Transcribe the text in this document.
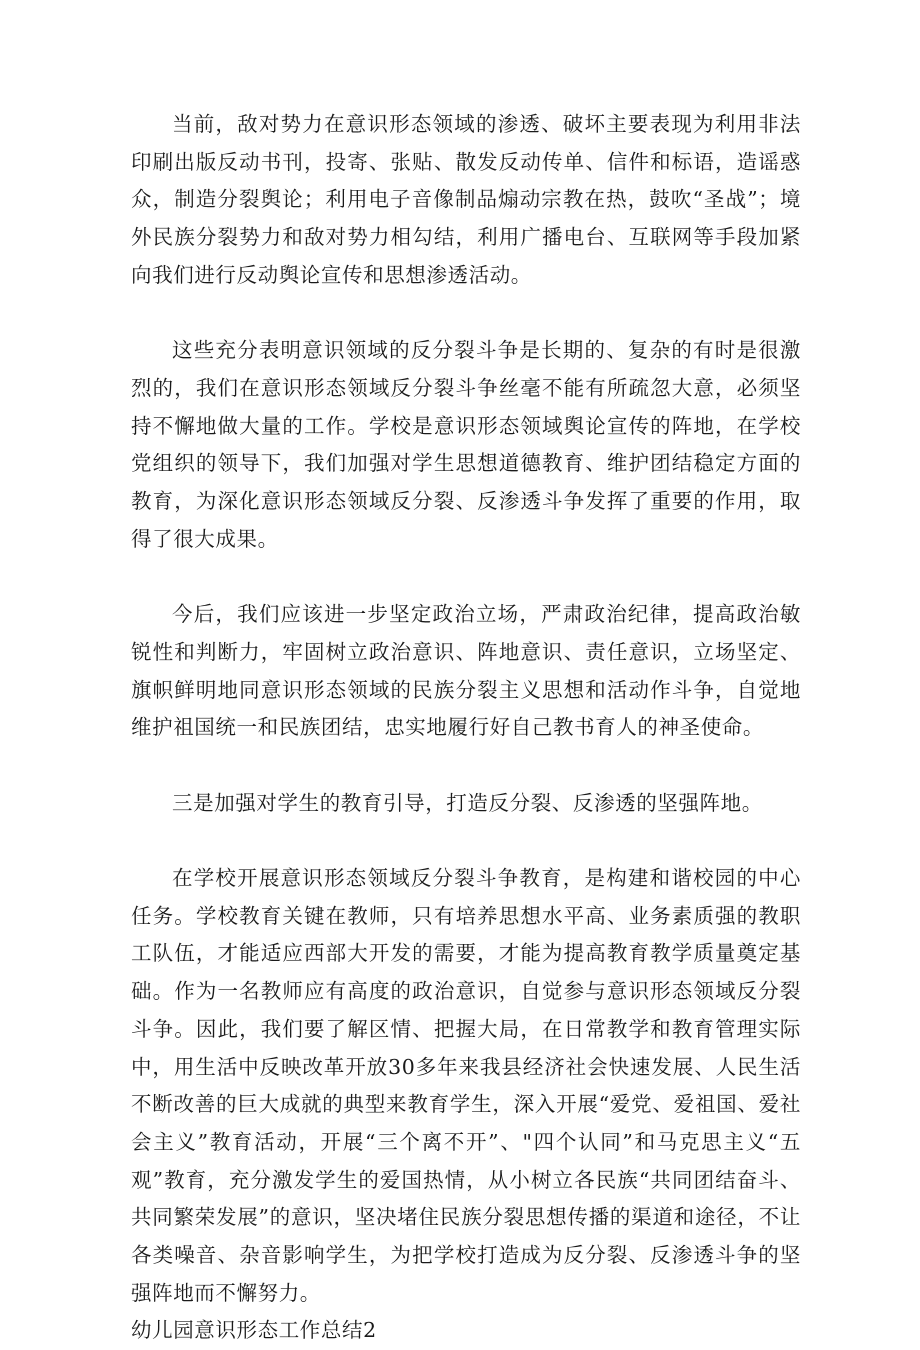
当前，敌对势力在意识形态领域的渗透、破坏主要表现为利用非法印刷出版反动书刊，投寄、张贴、散发反动传单、信件和标语，造谣惑众，制造分裂舆论；利用电子音像制品煽动宗教在热，鼓吹“圣战”；境外民族分裂势力和敌对势力相勾结，利用广播电台、互联网等手段加紧向我们进行反动舆论宣传和思想渗透活动。

这些充分表明意识领域的反分裂斗争是长期的、复杂的有时是很激烈的，我们在意识形态领域反分裂斗争丝毫不能有所疏忽大意，必须坚持不懈地做大量的工作。学校是意识形态领域舆论宣传的阵地，在学校党组织的领导下，我们加强对学生思想道德教育、维护团结稳定方面的教育，为深化意识形态领域反分裂、反渗透斗争发挥了重要的作用，取得了很大成果。

今后，我们应该进一步坚定政治立场，严肃政治纪律，提高政治敏锐性和判断力，牢固树立政治意识、阵地意识、责任意识，立场坚定、旗帜鲜明地同意识形态领域的民族分裂主义思想和活动作斗争，自觉地维护祖国统一和民族团结，忠实地履行好自己教书育人的神圣使命。

三是加强对学生的教育引导，打造反分裂、反渗透的坚强阵地。

在学校开展意识形态领域反分裂斗争教育，是构建和谐校园的中心任务。学校教育关键在教师，只有培养思想水平高、业务素质强的教职工队伍，才能适应西部大开发的需要，才能为提高教育教学质量奠定基础。作为一名教师应有高度的政治意识，自觉参与意识形态领域反分裂斗争。因此，我们要了解区情、把握大局，在日常教学和教育管理实际中，用生活中反映改革开放30多年来我县经济社会快速发展、人民生活不断改善的巨大成就的典型来教育学生，深入开展“爱党、爱祖国、爱社会主义”教育活动，开展“三个离不开”、"四个认同”和马克思主义“五观”教育，充分激发学生的爱国热情，从小树立各民族“共同团结奋斗、共同繁荣发展”的意识，坚决堵住民族分裂思想传播的渠道和途径，不让各类噪音、杂音影响学生，为把学校打造成为反分裂、反渗透斗争的坚强阵地而不懈努力。

幼儿园意识形态工作总结2
